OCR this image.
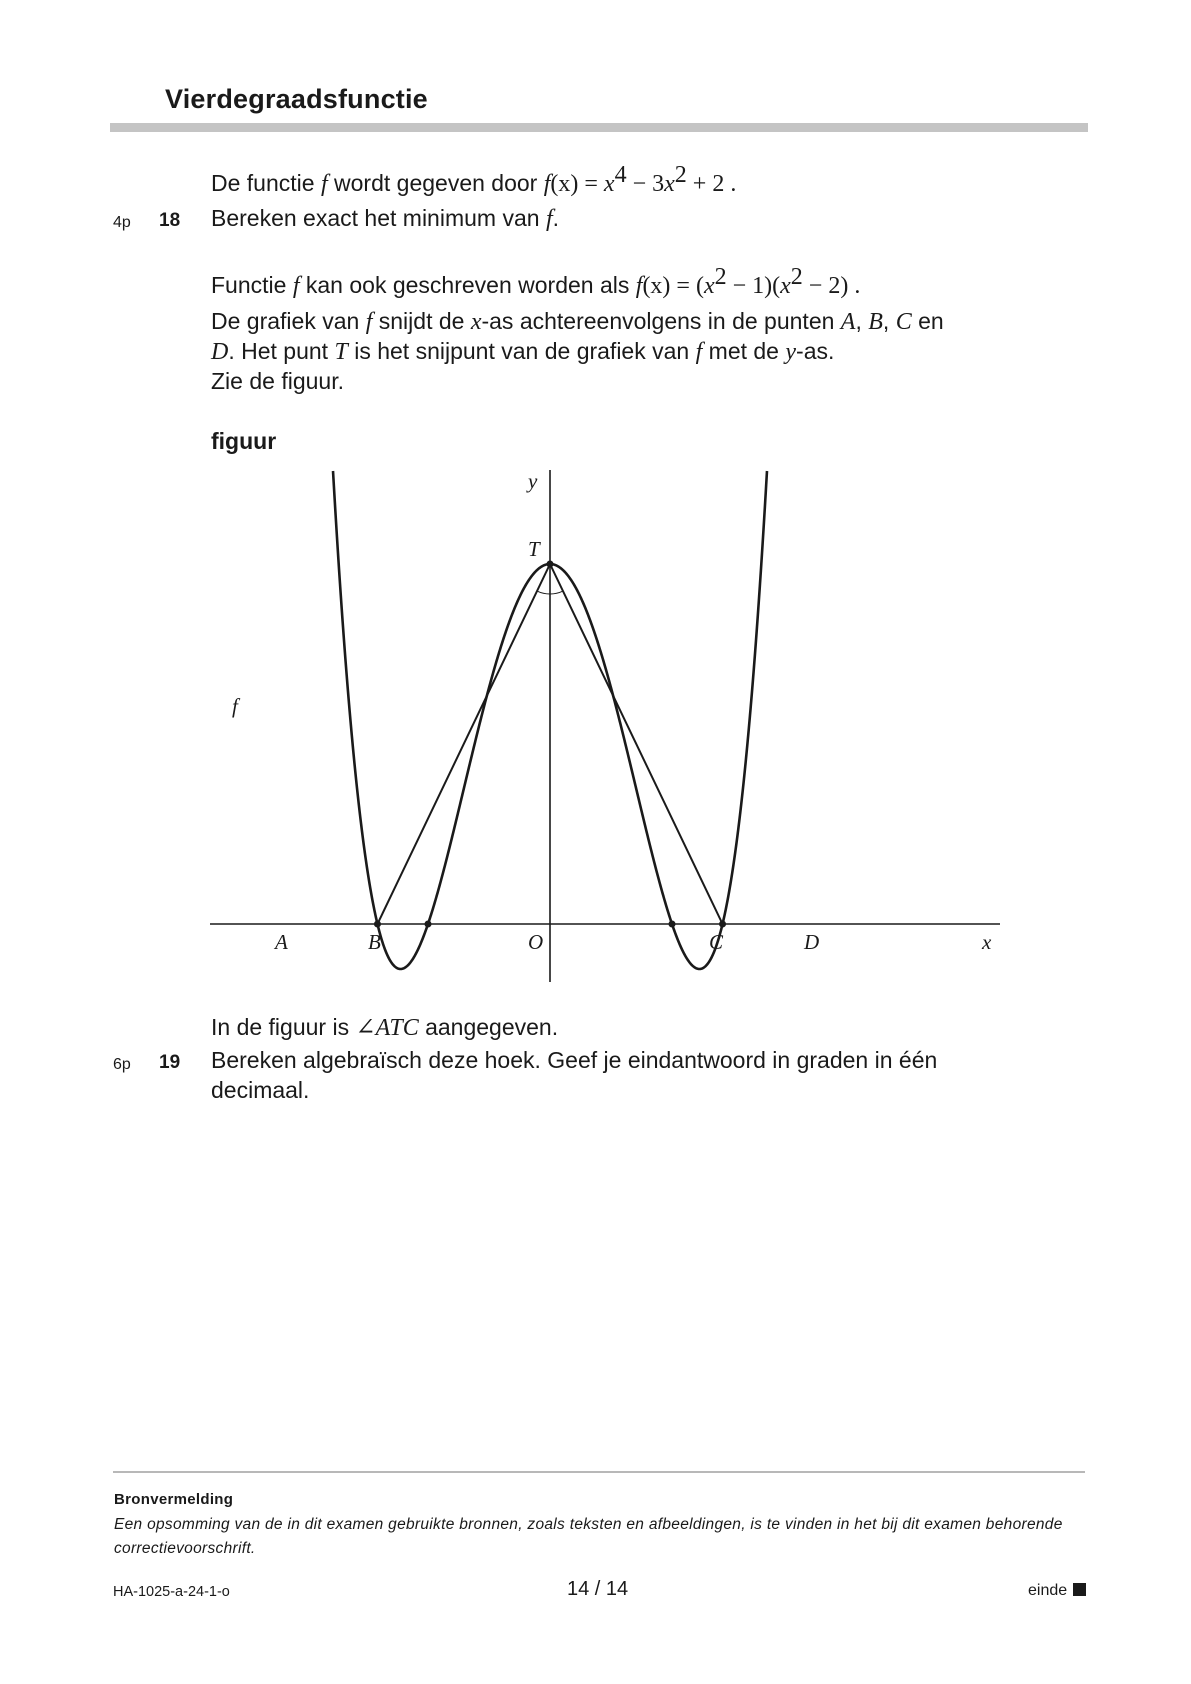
Vierdegraadsfunctie
De functie f wordt gegeven door $f(x) = x^4 - 3x^2 + 2$ .
4p 18 Bereken exact het minimum van f.
Functie f kan ook geschreven worden als $f(x) = (x^2 - 1)(x^2 - 2)$ .
De grafiek van f snijdt de x-as achtereenvolgens in de punten A, B, C en
D. Het punt T is het snijpunt van de grafiek van f met de y-as.
Zie de figuur.
figuur
y
x
T
f
A	B	O	C	D
In de figuur is ∠ATC aangegeven.
6p 19 Bereken algebraïsch deze hoek. Geef je eindantwoord in graden in één
decimaal.
Bronvermelding
Een opsomming van de in dit examen gebruikte bronnen, zoals teksten en afbeeldingen, is te vinden in het bij dit examen behorende correctievoorschrift.
HA-1025-a-24-1-o	14 / 14	einde
